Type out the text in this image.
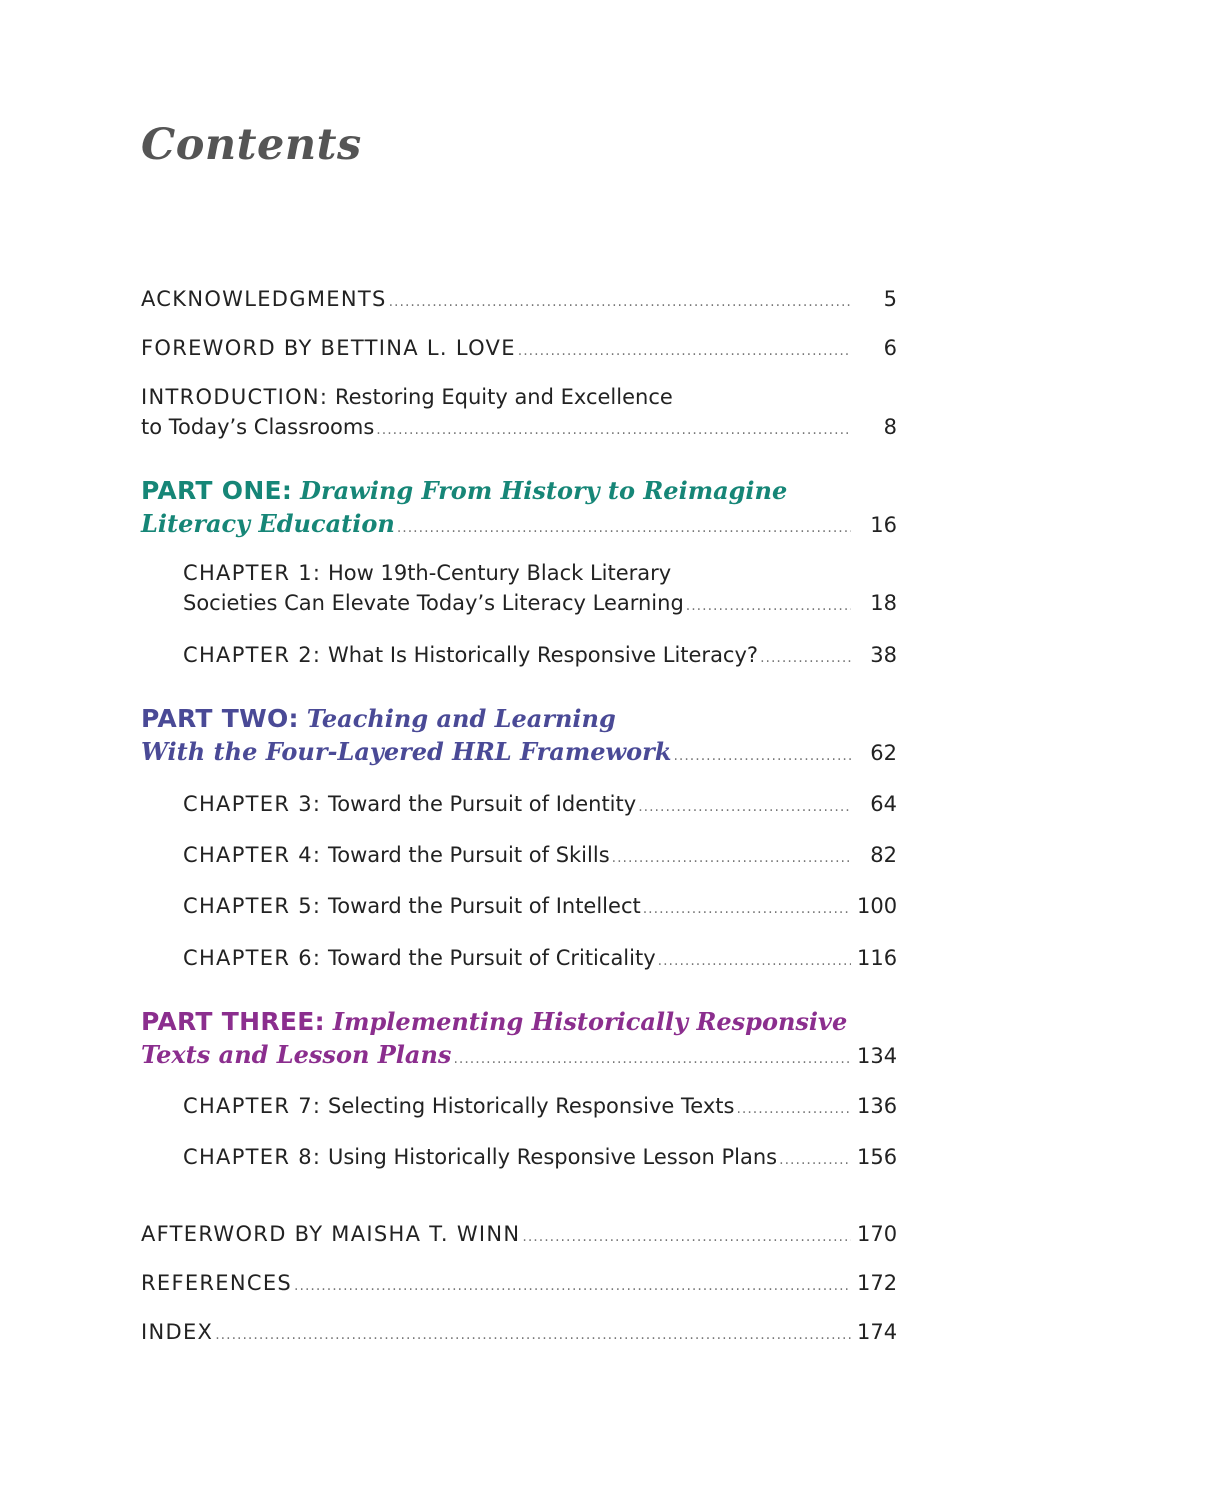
Contents
ACKNOWLEDGMENTS .....	5
FOREWORD BY BETTINA L. LOVE .....	6
INTRODUCTION:
Restoring Equity and Excellence
to Today’s Classrooms .....	8
PART ONE:
Drawing From History to Reimagine
Literacy Education .....	16
CHAPTER 1:
How 19th-Century Black Literary
Societies Can Elevate Today’s Literacy Learning .....	18
CHAPTER 2:
What Is Historically Responsive Literacy? .....	38
PART TWO:
Teaching and Learning
With the Four-Layered HRL Framework .....	62
CHAPTER 3:
Toward the Pursuit of Identity .....	64
CHAPTER 4:
Toward the Pursuit of Skills .....	82
CHAPTER 5:
Toward the Pursuit of Intellect .....	100
CHAPTER 6:
Toward the Pursuit of Criticality .....	116
PART THREE:
Implementing Historically Responsive
Texts and Lesson Plans .....	134
CHAPTER 7:
Selecting Historically Responsive Texts .....	136
CHAPTER 8:
Using Historically Responsive Lesson Plans .....	156
AFTERWORD BY MAISHA T. WINN .....	170
REFERENCES .....	172
INDEX .....	174
